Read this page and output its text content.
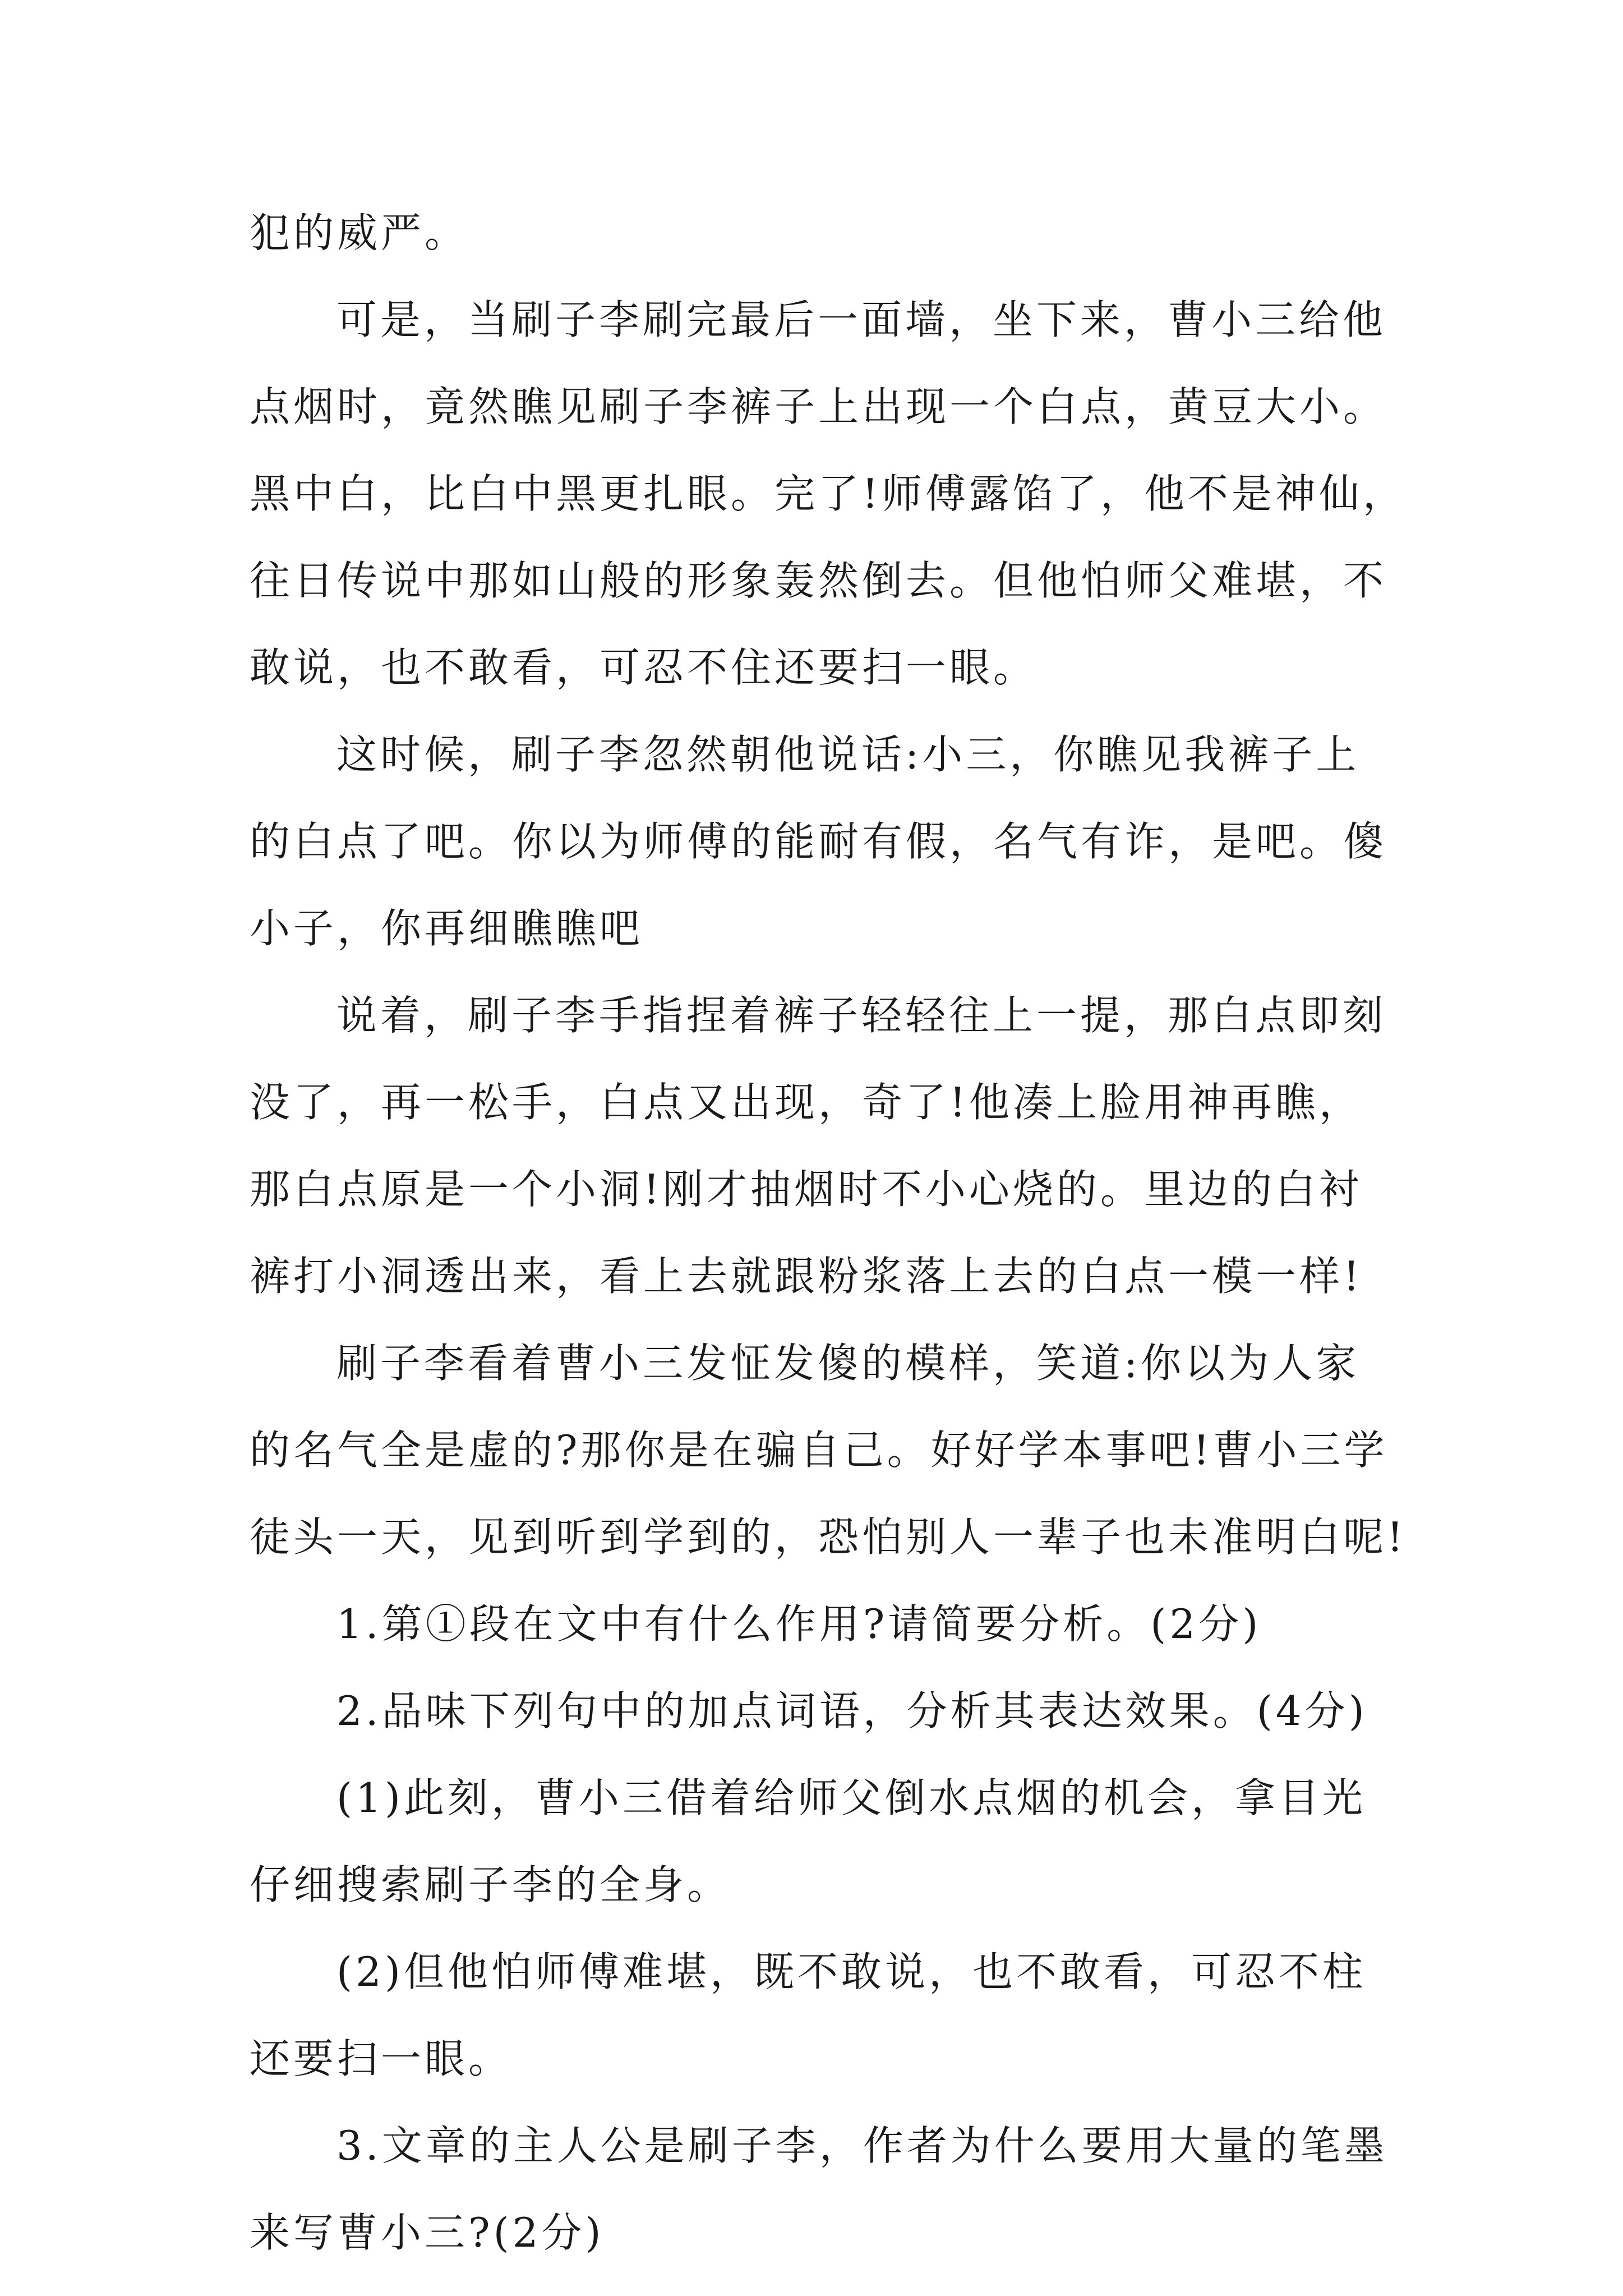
犯的威严。
可是，当刷子李刷完最后一面墙，坐下来，曹小三给他
点烟时，竟然瞧见刷子李裤子上出现一个白点，黄豆大小。
黑中白，比白中黑更扎眼。完了!师傅露馅了，他不是神仙，
往日传说中那如山般的形象轰然倒去。但他怕师父难堪，不
敢说，也不敢看，可忍不住还要扫一眼。
这时候，刷子李忽然朝他说话:小三，你瞧见我裤子上
的白点了吧。你以为师傅的能耐有假，名气有诈，是吧。傻
小子，你再细瞧瞧吧
说着，刷子李手指捏着裤子轻轻往上一提，那白点即刻
没了，再一松手，白点又出现，奇了!他凑上脸用神再瞧，
那白点原是一个小洞!刚才抽烟时不小心烧的。里边的白衬
裤打小洞透出来，看上去就跟粉浆落上去的白点一模一样!
刷子李看着曹小三发怔发傻的模样，笑道:你以为人家
的名气全是虚的?那你是在骗自己。好好学本事吧!曹小三学
徒头一天，见到听到学到的，恐怕别人一辈子也未准明白呢!
1.第①段在文中有什么作用?请简要分析。(2分)
2.品味下列句中的加点词语，分析其表达效果。(4分)
(1)此刻，曹小三借着给师父倒水点烟的机会，拿目光
仔细搜索刷子李的全身。
(2)但他怕师傅难堪，既不敢说，也不敢看，可忍不柱
还要扫一眼。
3.文章的主人公是刷子李，作者为什么要用大量的笔墨
来写曹小三?(2分)
